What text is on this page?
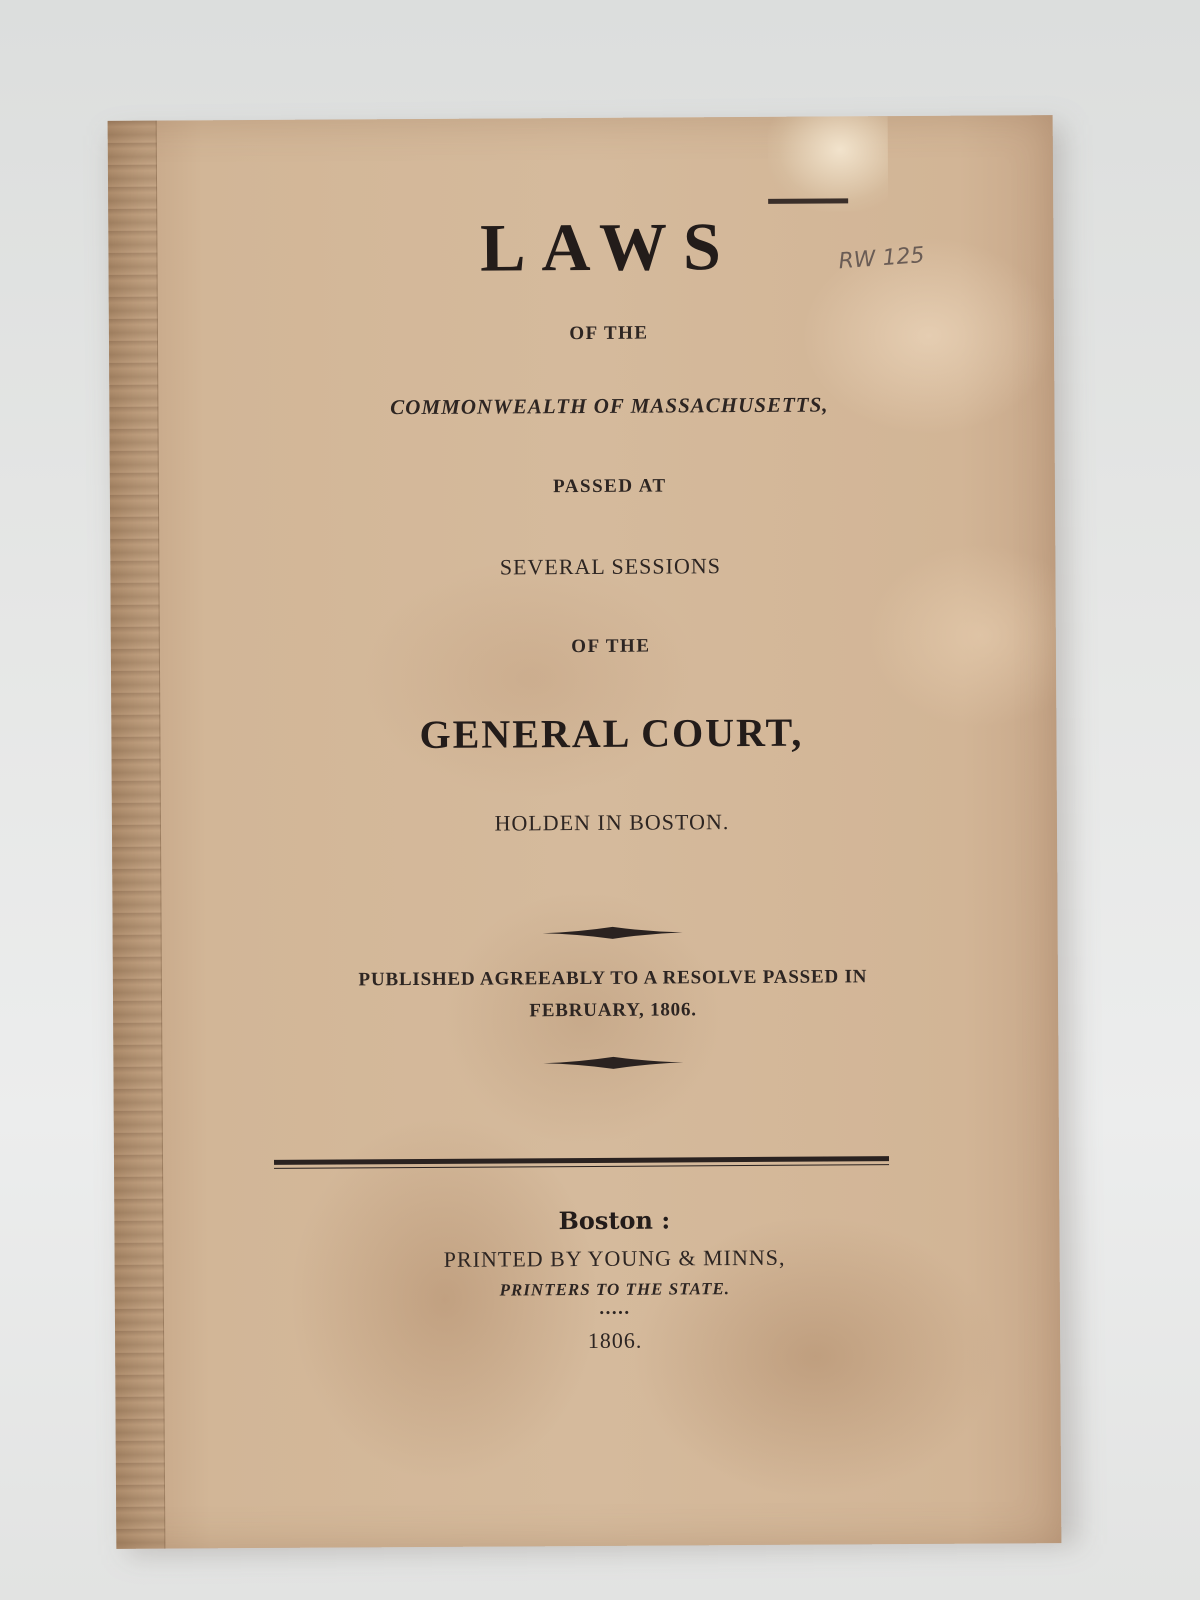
RW 125
LAWS
OF THE
COMMONWEALTH OF MASSACHUSETTS,
PASSED AT
SEVERAL SESSIONS
OF THE
GENERAL COURT,
HOLDEN IN BOSTON.
PUBLISHED AGREEABLY TO A RESOLVE PASSED IN
FEBRUARY, 1806.
Boston :
PRINTED BY YOUNG & MINNS,
PRINTERS TO THE STATE.
.....
1806.
